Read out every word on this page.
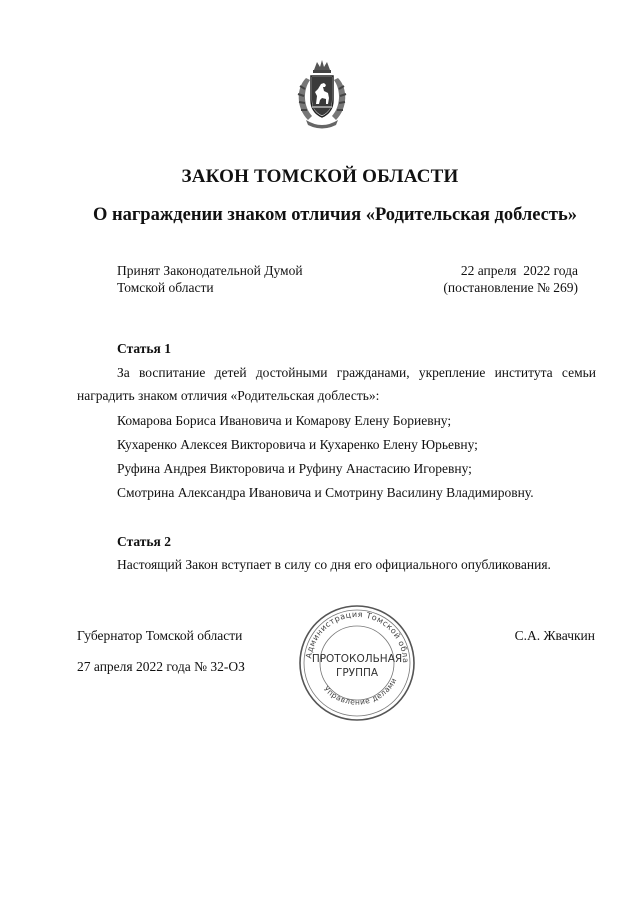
ЗАКОН ТОМСКОЙ ОБЛАСТИ
О награждении знаком отличия «Родительская доблесть»
Принят Законодательной Думой
Томской области
22 апреля  2022 года
(постановление № 269)
Статья 1
За воспитание детей достойными гражданами, укрепление института семьи
наградить знаком отличия «Родительская доблесть»:
Комарова Бориса Ивановича и Комарову Елену Бориевну;
Кухаренко Алексея Викторовича и Кухаренко Елену Юрьевну;
Руфина Андрея Викторовича и Руфину Анастасию Игоревну;
Смотрина Александра Ивановича и Смотрину Василину Владимировну.
Статья 2
Настоящий Закон вступает в силу со дня его официального опубликования.
Губернатор Томской области
27 апреля 2022 года № 32-ОЗ
С.А. Жвачкин
Администрация Томской обла
Управление делами
ПРОТОКОЛЬНАЯ
ГРУППА
